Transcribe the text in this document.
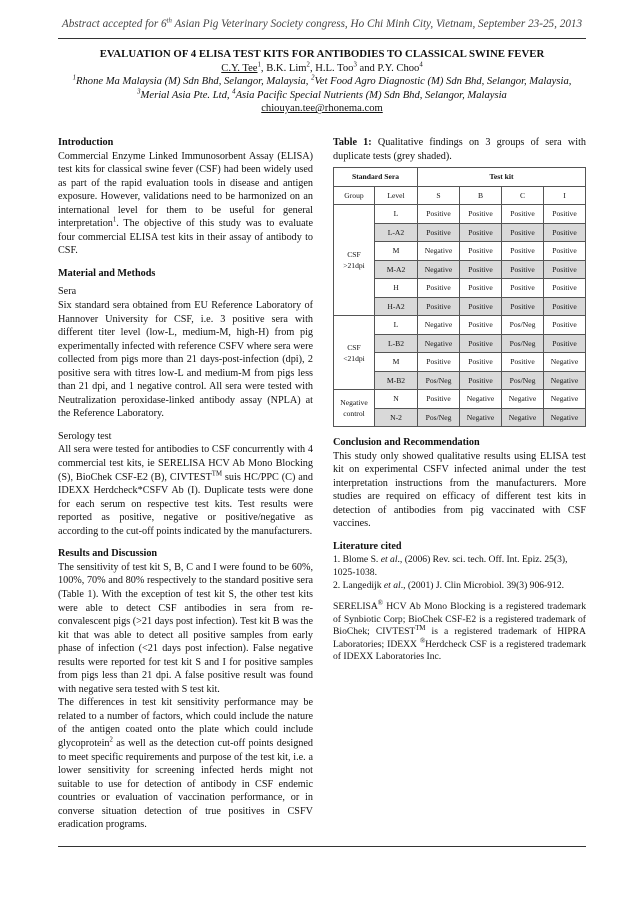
Abstract accepted for 6th Asian Pig Veterinary Society congress, Ho Chi Minh City, Vietnam, September 23-25, 2013
EVALUATION OF 4 ELISA TEST KITS FOR ANTIBODIES TO CLASSICAL SWINE FEVER
C.Y. Tee$^1$, B.K. Lim$^2$, H.L. Too$^3$ and P.Y. Choo$^4$
$^1$Rhone Ma Malaysia (M) Sdn Bhd, Selangor, Malaysia, $^2$Vet Food Agro Diagnostic (M) Sdn Bhd, Selangor, Malaysia,
$^3$Merial Asia Pte. Ltd, $^4$Asia Pacific Special Nutrients (M) Sdn Bhd, Selangor, Malaysia
chiouyan.tee@rhonema.com

Introduction

Commercial Enzyme Linked Immunosorbent Assay (ELISA) test kits for classical swine fever (CSF) had been widely used as part of the rapid evaluation tools in disease and antigen exposure. However, validations need to be harmonized on an international level for them to be useful for general interpretation$^1$. The objective of this study was to evaluate four commercial ELISA test kits in their assay of antibody to CSF.

Material and Methods

Sera

Six standard sera obtained from EU Reference Laboratory of Hannover University for CSF, i.e. 3 positive sera with different titer level (low-L, medium-M, high-H) from pig experimentally infected with reference CSFV where sera were collected from pigs more than 21 days-post-infection (dpi), 2 positive sera with titres low-L and medium-M from pigs less than 21 dpi, and 1 negative control. All sera were tested with Neutralization peroxidase-linked antibody assay (NPLA) at the Reference Laboratory.

Serology test

All sera were tested for antibodies to CSF concurrently with 4 commercial test kits, ie SERELISA HCV Ab Mono Blocking (S), BioChek CSF-E2 (B), CIVTEST™ suis HC/PPC (C) and IDEXX Herdcheck*CSFV Ab (I). Duplicate tests were done for each serum on respective test kits. Test results were reported as positive, negative or positive/negative as according to the cut-off points indicated by the manufacturers.

Results and Discussion

The sensitivity of test kit S, B, C and I were found to be 60%, 100%, 70% and 80% respectively to the standard positive sera (Table 1). With the exception of test kit S, the other test kits were able to detect CSF antibodies in sera from re-convalescent pigs (>21 days post infection). Test kit B was the kit that was able to detect all positive samples from early phase of infection (<21 days post infection). False negative results were reported for test kit S and I for positive samples from pigs less than 21 dpi. A false positive result was found with negative sera tested with S test kit.

The differences in test kit sensitivity performance may be related to a number of factors, which could include the nature of the antigen coated onto the plate which could include glycoprotein$^2$ as well as the detection cut-off points designed to meet specific requirements and purpose of the test kit, i.e. a lower sensitivity for screening infected herds might not suitable to use for detection of antibody in CSF endemic countries or evaluation of vaccination performance, or in converse situation detection of true positives in CSFV eradication programs.

Table 1: Qualitative findings on 3 groups of sera with duplicate tests (grey shaded).

Standard Sera		Test kit			
Group	Level	S	B	C	I
CSF
>21dpi	L	Positive	Positive	Positive	Positive
	L-A2	Positive	Positive	Positive	Positive
	M	Negative	Positive	Positive	Positive
	M-A2	Negative	Positive	Positive	Positive
	H	Positive	Positive	Positive	Positive
	H-A2	Positive	Positive	Positive	Positive
CSF
<21dpi	L	Negative	Positive	Pos/Neg	Positive
	L-B2	Negative	Positive	Pos/Neg	Positive
	M	Positive	Positive	Positive	Negative
	M-B2	Pos/Neg	Positive	Pos/Neg	Negative
Negative
control	N	Positive	Negative	Negative	Negative
	N-2	Pos/Neg	Negative	Negative	Negative

Conclusion and Recommendation

This study only showed qualitative results using ELISA test kit on experimental CSFV infected animal under the test interpretation instructions from the manufacturers. More studies are required on efficacy of different test kits in detection of antibodies from pig vaccinated with CSF vaccines.

Literature cited

1. Blome S. et al., (2006) Rev. sci. tech. Off. Int. Epiz. 25(3), 1025-1038.
2. Langedijk et al., (2001) J. Clin Microbiol. 39(3) 906-912.

SERELISA® HCV Ab Mono Blocking is a registered trademark of Synbiotic Corp; BioChek CSF-E2 is a registered trademark of BioChek; CIVTEST™ is a registered trademark of HIPRA Laboratories; IDEXX ®Herdcheck CSF is a registered trademark of IDEXX Laboratories Inc.
